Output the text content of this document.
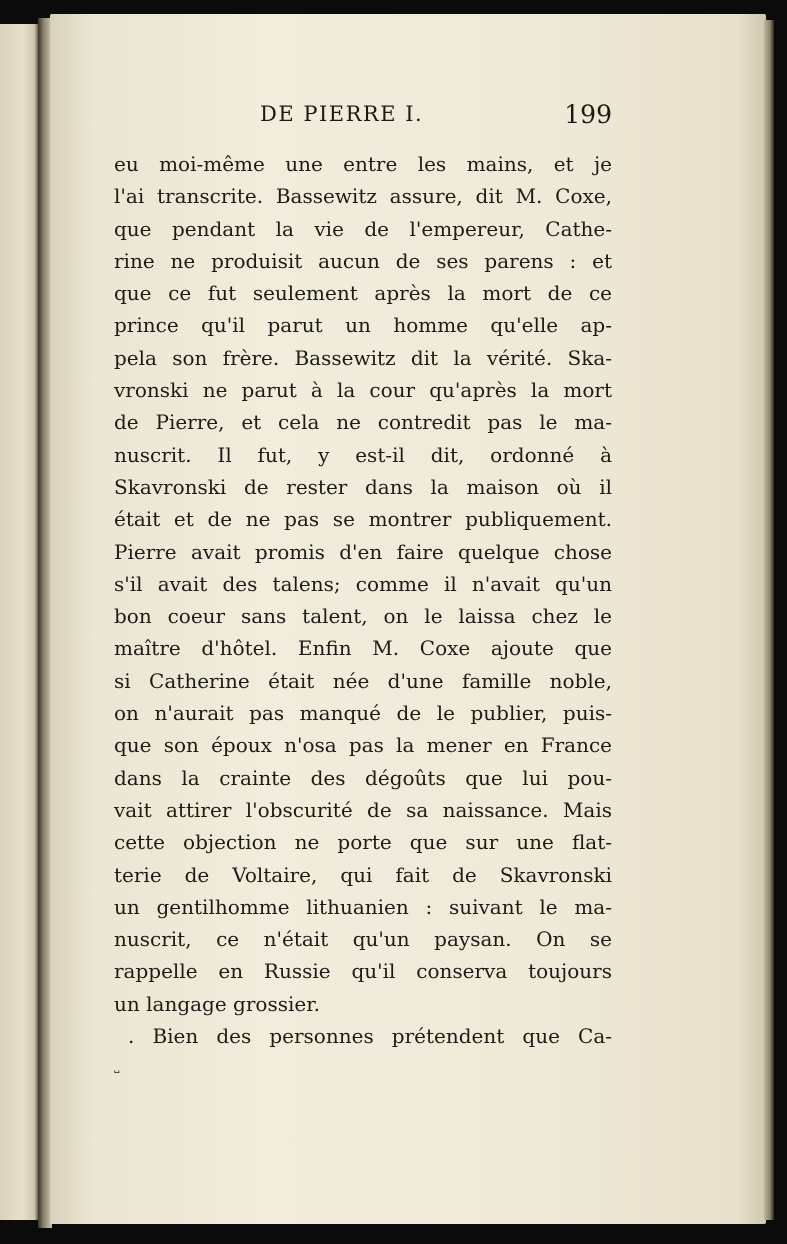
DE PIERRE I.	199
eu moi-même une entre les mains, et je
l'ai transcrite. Bassewitz assure, dit M. Coxe,
que pendant la vie de l'empereur, Cathe-
rine ne produisit aucun de ses parens : et
que ce fut seulement après la mort de ce
prince qu'il parut un homme qu'elle ap-
pela son frère. Bassewitz dit la vérité. Ska-
vronski ne parut à la cour qu'après la mort
de Pierre, et cela ne contredit pas le ma-
nuscrit. Il fut, y est-il dit, ordonné à
Skavronski de rester dans la maison où il
était et de ne pas se montrer publiquement.
Pierre avait promis d'en faire quelque chose
s'il avait des talens; comme il n'avait qu'un
bon coeur sans talent, on le laissa chez le
maître d'hôtel. Enfin M. Coxe ajoute que
si Catherine était née d'une famille noble,
on n'aurait pas manqué de le publier, puis-
que son époux n'osa pas la mener en France
dans la crainte des dégoûts que lui pou-
vait attirer l'obscurité de sa naissance. Mais
cette objection ne porte que sur une flat-
terie de Voltaire, qui fait de Skavronski
un gentilhomme lithuanien : suivant le ma-
nuscrit, ce n'était qu'un paysan. On se
rappelle en Russie qu'il conserva toujours
un langage grossier.
. Bien des personnes prétendent que Ca-
˽
